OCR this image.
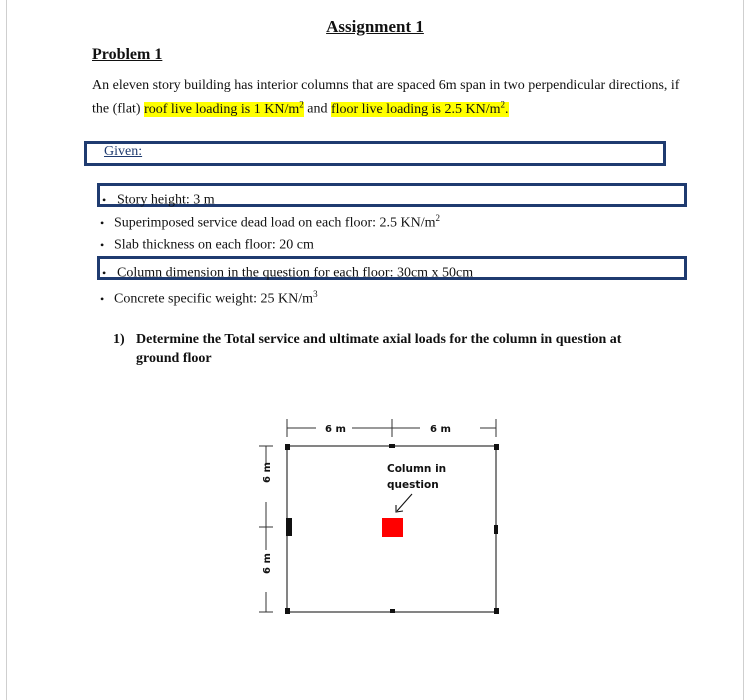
Assignment 1
Problem 1
An eleven story building has interior columns that are spaced 6m span in two perpendicular directions, if the (flat) roof live loading is 1 $KN/m^2$ and floor live loading is 2.5 $KN/m^2$.
Given:
• Story height: 3 m
• Superimposed service dead load on each floor: 2.5 $KN/m^2$
• Slab thickness on each floor: 20 cm
• Column dimension in the question for each floor: 30cm x 50cm
• Concrete specific weight: 25 $KN/m^3$
1) Determine the Total service and ultimate axial loads for the column in question at ground floor
6 m	6 m
6 m
6 m
Column in
question
